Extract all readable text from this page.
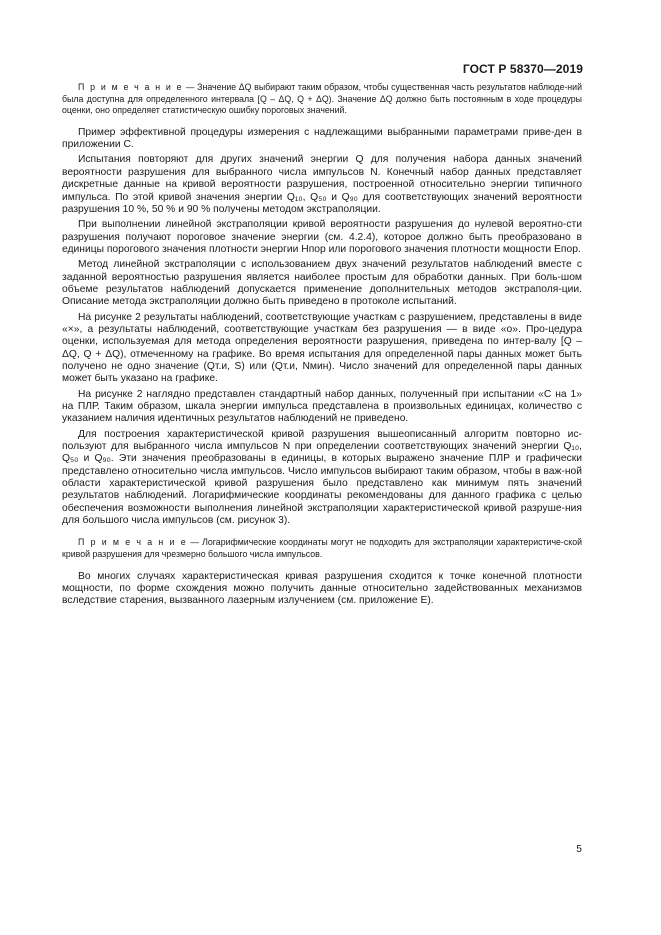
ГОСТ Р 58370—2019

П р и м е ч а н и е — Значение ΔQ выбирают таким образом, чтобы существенная часть результатов наблюде-ний была доступна для определенного интервала [Q – ΔQ, Q + ΔQ). Значение ΔQ должно быть постоянным в ходе процедуры оценки, оно определяет статистическую ошибку пороговых значений.

Пример эффективной процедуры измерения с надлежащими выбранными параметрами приве-ден в приложении С.

Испытания повторяют для других значений энергии Q для получения набора данных значений вероятности разрушения для выбранного числа импульсов N. Конечный набор данных представляет дискретные данные на кривой вероятности разрушения, построенной относительно энергии типичного импульса. По этой кривой значения энергии Q₁₀, Q₅₀ и Q₉₀ для соответствующих значений вероятности разрушения 10 %, 50 % и 90 % получены методом экстраполяции.

При выполнении линейной экстраполяции кривой вероятности разрушения до нулевой вероятно-сти разрушения получают пороговое значение энергии (см. 4.2.4), которое должно быть преобразовано в единицы порогового значения плотности энергии Hпор или порогового значения плотности мощности Eпор.

Метод линейной экстраполяции с использованием двух значений результатов наблюдений вместе с заданной вероятностью разрушения является наиболее простым для обработки данных. При боль-шом объеме результатов наблюдений допускается применение дополнительных методов экстраполя-ции. Описание метода экстраполяции должно быть приведено в протоколе испытаний.

На рисунке 2 результаты наблюдений, соответствующие участкам с разрушением, представлены в виде «×», а результаты наблюдений, соответствующие участкам без разрушения — в виде «о». Про-цедура оценки, используемая для метода определения вероятности разрушения, приведена по интер-валу [Q – ΔQ, Q + ΔQ), отмеченному на графике. Во время испытания для определенной пары данных может быть получено не одно значение (Qт.и, S) или (Qт.и, Nмин). Число значений для определенной пары данных может быть указано на графике.

На рисунке 2 наглядно представлен стандартный набор данных, полученный при испытании «С на 1» на ПЛР. Таким образом, шкала энергии импульса представлена в произвольных единицах, количество с указанием наличия идентичных результатов наблюдений не приведено.

Для построения характеристической кривой разрушения вышеописанный алгоритм повторно ис-пользуют для выбранного числа импульсов N при определении соответствующих значений энергии Q₁₀, Q₅₀ и Q₉₀. Эти значения преобразованы в единицы, в которых выражено значение ПЛР и графически представлено относительно числа импульсов. Число импульсов выбирают таким образом, чтобы в важ-ной области характеристической кривой разрушения было представлено как минимум пять значений результатов наблюдений. Логарифмические координаты рекомендованы для данного графика с целью обеспечения возможности выполнения линейной экстраполяции характеристической кривой разруше-ния для большого числа импульсов (см. рисунок 3).

П р и м е ч а н и е — Логарифмические координаты могут не подходить для экстраполяции характеристиче-ской кривой разрушения для чрезмерно большого числа импульсов.

Во многих случаях характеристическая кривая разрушения сходится к точке конечной плотности мощности, по форме схождения можно получить данные относительно задействованных механизмов вследствие старения, вызванного лазерным излучением (см. приложение Е).

5
